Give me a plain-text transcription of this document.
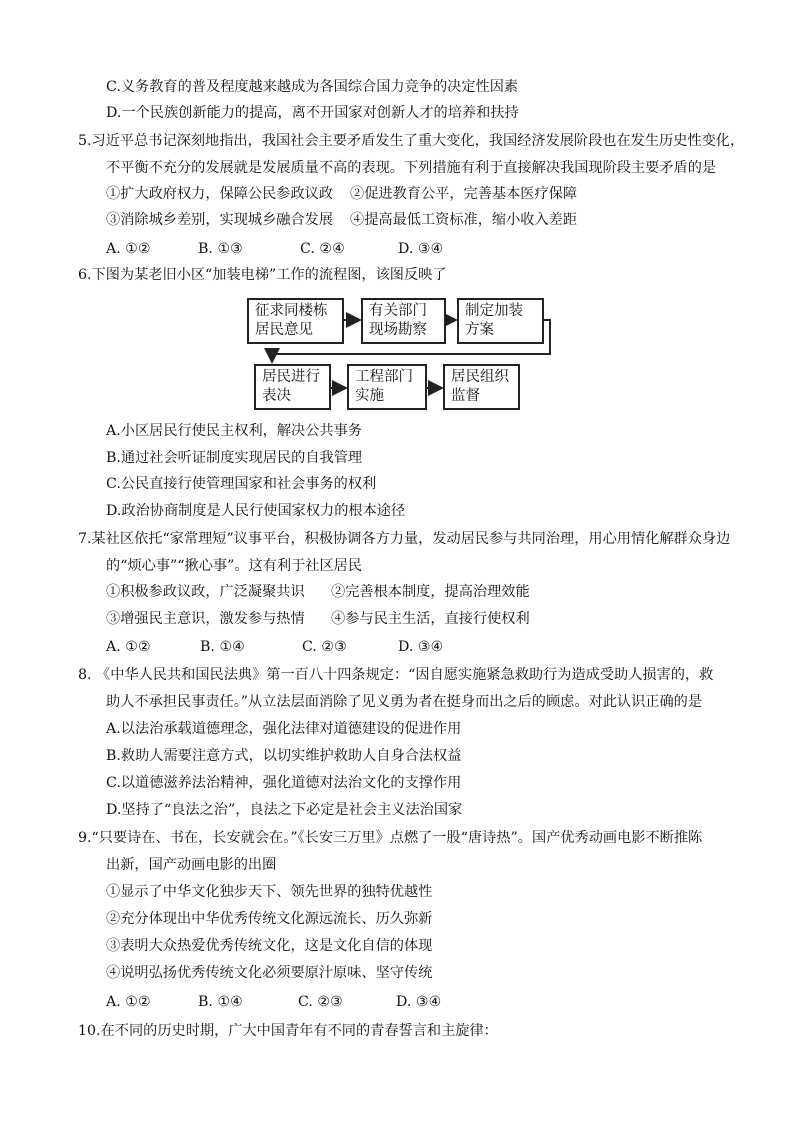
C.义务教育的普及程度越来越成为各国综合国力竞争的决定性因素
D.一个民族创新能力的提高，离不开国家对创新人才的培养和扶持
5.习近平总书记深刻地指出，我国社会主要矛盾发生了重大变化，我国经济发展阶段也在发生历史性变化，
不平衡不充分的发展就是发展质量不高的表现。下列措施有利于直接解决我国现阶段主要矛盾的是
①扩大政府权力，保障公民参政议政 ②促进教育公平，完善基本医疗保障
③消除城乡差别，实现城乡融合发展 ④提高最低工资标准，缩小收入差距
A. ①②	B. ①③	C. ②④	D. ③④
6.下图为某老旧小区“加装电梯”工作的流程图，该图反映了
征求同楼栋
居民意见
有关部门
现场勘察
制定加装
方案
居民进行
表决
工程部门
实施
居民组织
监督
A.小区居民行使民主权利，解决公共事务
B.通过社会听证制度实现居民的自我管理
C.公民直接行使管理国家和社会事务的权利
D.政治协商制度是人民行使国家权力的根本途径
7.某社区依托“家常理短”议事平台，积极协调各方力量，发动居民参与共同治理，用心用情化解群众身边
的“烦心事”“揪心事”。这有利于社区居民
①积极参政议政，广泛凝聚共识 ②完善根本制度，提高治理效能
③增强民主意识，激发参与热情 ④参与民主生活，直接行使权利
A. ①②	B. ①④	C. ②③	D. ③④
8. 《中华人民共和国民法典》第一百八十四条规定：“因自愿实施紧急救助行为造成受助人损害的，救
助人不承担民事责任。”从立法层面消除了见义勇为者在挺身而出之后的顾虑。对此认识正确的是
A.以法治承载道德理念，强化法律对道德建设的促进作用
B.救助人需要注意方式，以切实维护救助人自身合法权益
C.以道德滋养法治精神，强化道德对法治文化的支撑作用
D.坚持了“良法之治”，良法之下必定是社会主义法治国家
9.“只要诗在、书在，长安就会在。”《长安三万里》点燃了一股“唐诗热”。国产优秀动画电影不断推陈
出新，国产动画电影的出圈
①显示了中华文化独步天下、领先世界的独特优越性
②充分体现出中华优秀传统文化源远流长、历久弥新
③表明大众热爱优秀传统文化，这是文化自信的体现
④说明弘扬优秀传统文化必须要原汁原味、坚守传统
A. ①②	B. ①④	C. ②③	D. ③④
10.在不同的历史时期，广大中国青年有不同的青春誓言和主旋律：
